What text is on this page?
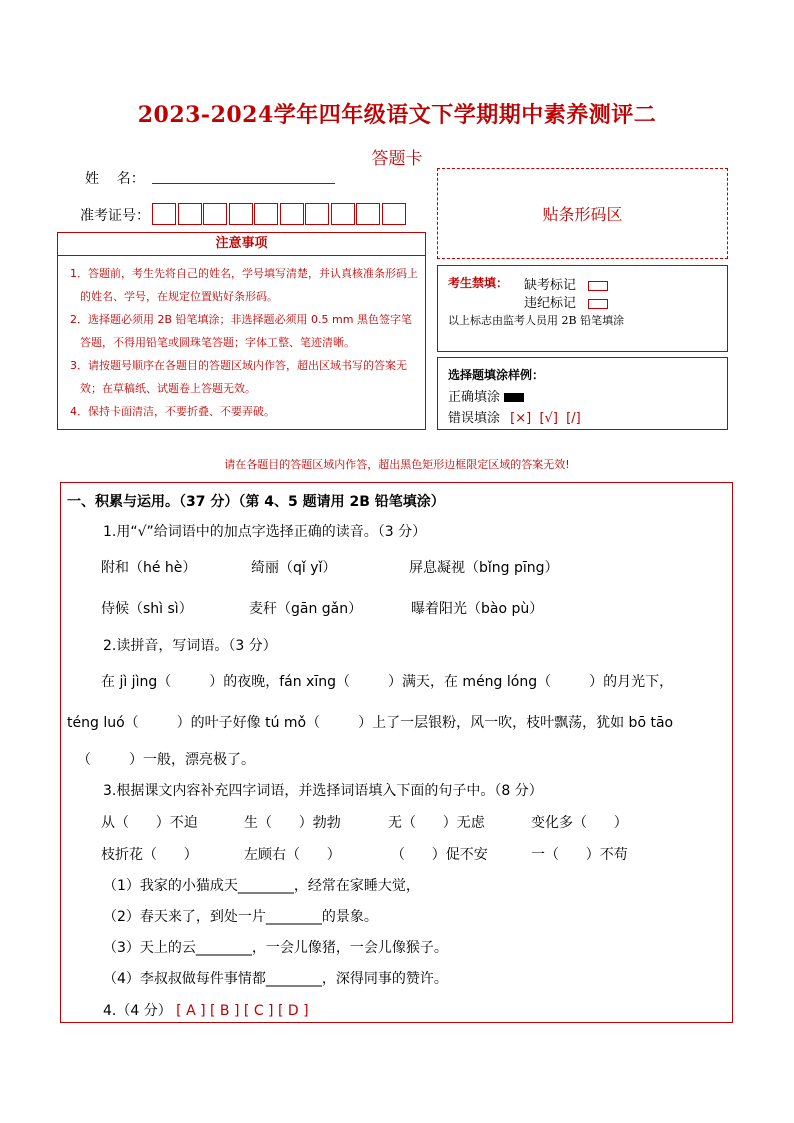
2023-2024学年四年级语文下学期期中素养测评二
答题卡
姓    名：
准考证号：
注意事项
1．答题前，考生先将自己的姓名，学号填写清楚，并认真核准条形码上的姓名、学号，在规定位置贴好条形码。
2．选择题必须用 2B 铅笔填涂；非选择题必须用 0.5 mm 黑色签字笔答题，不得用铅笔或圆珠笔答题；字体工整、笔迹清晰。
3．请按题号顺序在各题目的答题区域内作答，超出区域书写的答案无效；在草稿纸、试题卷上答题无效。
4．保持卡面清洁，不要折叠、不要弄破。
贴条形码区
考生禁填： 缺考标记
违纪标记
以上标志由监考人员用 2B 铅笔填涂
选择题填涂样例：
正确填涂
错误填涂 [×]  [√]  [/]
请在各题目的答题区域内作答，超出黑色矩形边框限定区域的答案无效!
一、积累与运用。（37 分）（第 4、5 题请用 2B 铅笔填涂）
1.用“√”给词语中的加点字选择正确的读音。（3 分）
附和（hé hè）	绮丽（qǐ yǐ）	屏息凝视（bǐng pīng）
侍候（shì sì）	麦秆（gān gǎn）	曝着阳光（bào pù）
2.读拼音，写词语。（3 分）
在 jì jìng（	）的夜晚，fán xīng（	）满天，在 méng lóng（	）的月光下，
téng luó（	）的叶子好像 tú mǒ（	）上了一层银粉，风一吹，枝叶飘荡，犹如 bō tāo
（	）一般，漂亮极了。
3.根据课文内容补充四字词语，并选择词语填入下面的句子中。（8 分）
从（      ）不迫	生（      ）勃勃	无（      ）无虑	变化多（      ）
枝折花（      ）	左顾右（      ）	（      ）促不安	一（      ）不苟
（1）我家的小猫成天________，经常在家睡大觉，
（2）春天来了，到处一片________的景象。
（3）天上的云________，一会儿像猪，一会儿像猴子。
（4）李叔叔做每件事情都________，深得同事的赞许。
4.（4 分） [ A ] [ B ] [ C ] [ D ]
